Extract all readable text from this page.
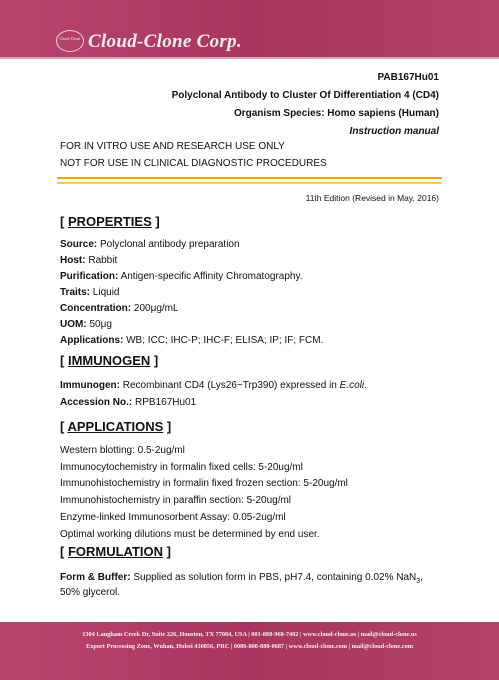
Cloud-Clone Cloud-Clone Corp.
PAB167Hu01
Polyclonal Antibody to Cluster Of Differentiation 4 (CD4)
Organism Species: Homo sapiens (Human)
Instruction manual
FOR IN VITRO USE AND RESEARCH USE ONLY
NOT FOR USE IN CLINICAL DIAGNOSTIC PROCEDURES
11th Edition (Revised in May, 2016)
[ PROPERTIES ]
Source: Polyclonal antibody preparation
Host: Rabbit
Purification: Antigen-specific Affinity Chromatography.
Traits: Liquid
Concentration: 200μg/mL
UOM: 50μg
Applications: WB; ICC; IHC-P; IHC-F; ELISA; IP; IF; FCM.
[ IMMUNOGEN ]
Immunogen: Recombinant CD4 (Lys26~Trp390) expressed in E.coli.
Accession No.: RPB167Hu01
[ APPLICATIONS ]
Western blotting: 0.5-2ug/ml
Immunocytochemistry in formalin fixed cells: 5-20ug/ml
Immunohistochemistry in formalin fixed frozen section: 5-20ug/ml
Immunohistochemistry in paraffin section: 5-20ug/ml
Enzyme-linked Immunosorbent Assay: 0.05-2ug/ml
Optimal working dilutions must be determined by end user.
[ FORMULATION ]
Form & Buffer: Supplied as solution form in PBS, pH7.4, containing 0.02% NaN$_3$,
50% glycerol.
1304 Langham Creek Dr, Suite 226, Houston, TX 77084, USA | 001-888-960-7402 | www.cloud-clone.us | mail@cloud-clone.us
Export Processing Zone, Wuhan, Hubei 430056, PRC | 0086-800-880-0687 | www.cloud-clone.com | mail@cloud-clone.com
